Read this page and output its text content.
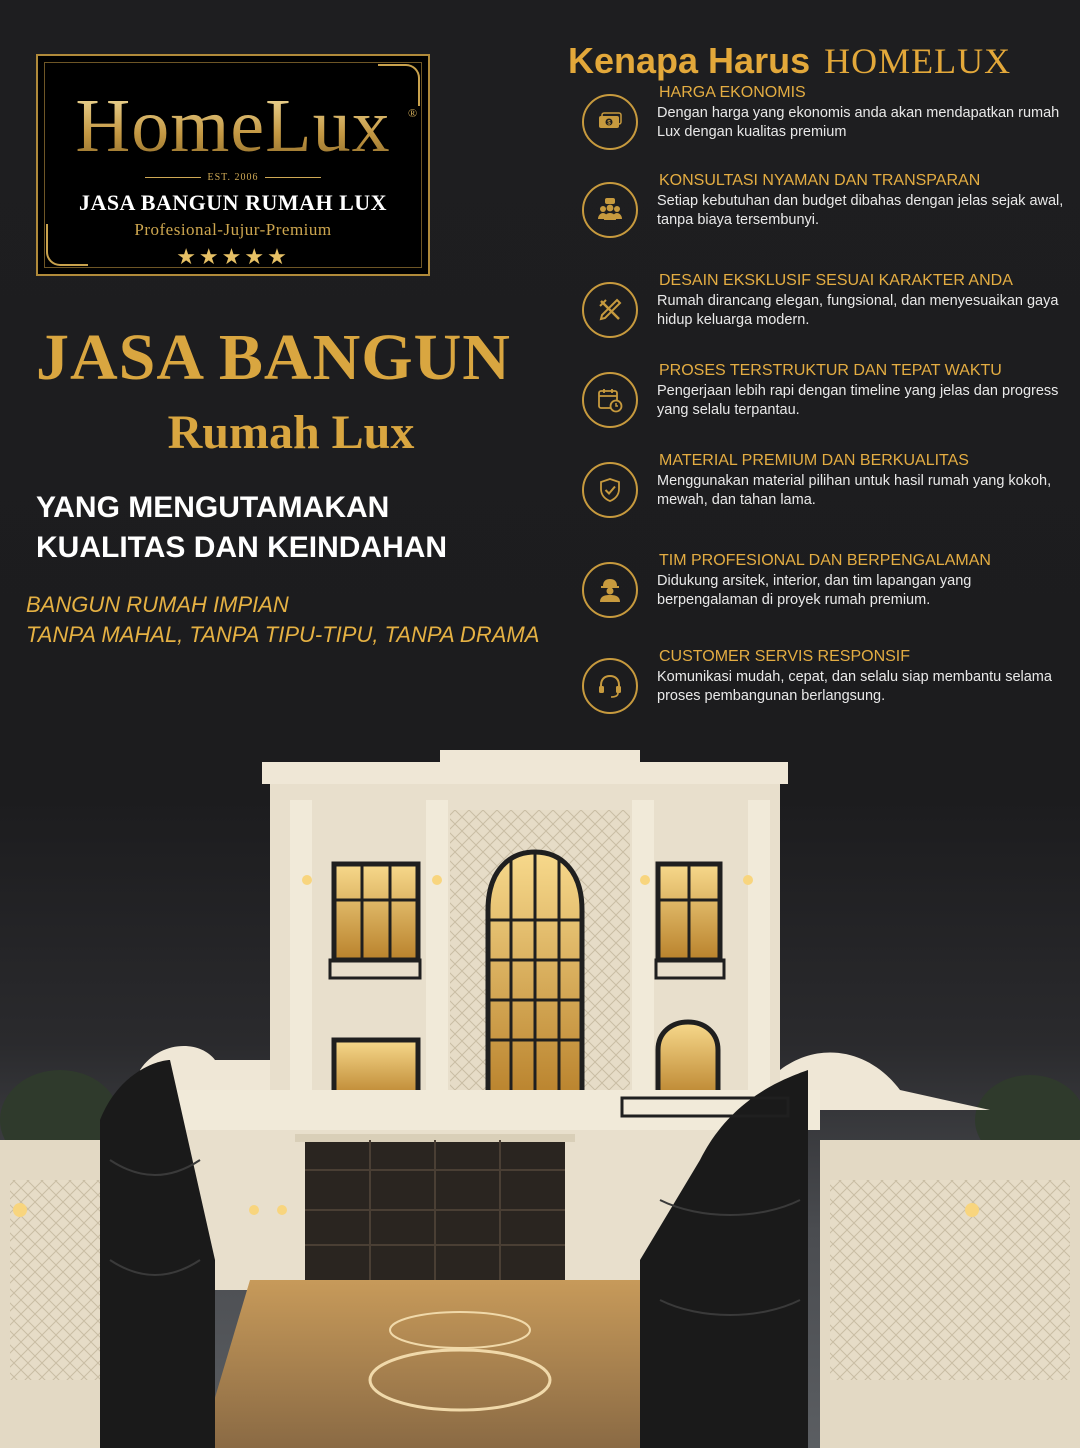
HomeLux	®
EST. 2006
JASA BANGUN RUMAH LUX
Profesional-Jujur-Premium
★★★★★
JASA BANGUN
Rumah Lux
YANG MENGUTAMAKAN
KUALITAS DAN KEINDAHAN
BANGUN RUMAH IMPIAN
TANPA MAHAL, TANPA TIPU-TIPU, TANPA DRAMA
Kenapa Harus HOMELUX
$
HARGA EKONOMIS
Dengan harga yang ekonomis anda akan mendapatkan rumah Lux dengan kualitas premium
KONSULTASI NYAMAN DAN TRANSPARAN
Setiap kebutuhan dan budget dibahas dengan jelas sejak awal, tanpa biaya tersembunyi.
DESAIN EKSKLUSIF SESUAI KARAKTER ANDA
Rumah dirancang elegan, fungsional, dan menyesuaikan gaya hidup keluarga modern.
PROSES TERSTRUKTUR DAN TEPAT WAKTU
Pengerjaan lebih rapi dengan timeline yang jelas dan progress yang selalu terpantau.
MATERIAL PREMIUM DAN BERKUALITAS
Menggunakan material pilihan untuk hasil rumah yang kokoh, mewah, dan tahan lama.
TIM PROFESIONAL DAN BERPENGALAMAN
Didukung arsitek, interior, dan tim lapangan yang berpengalaman di proyek rumah premium.
CUSTOMER SERVIS RESPONSIF
Komunikasi mudah, cepat, dan selalu siap membantu selama proses pembangunan berlangsung.
